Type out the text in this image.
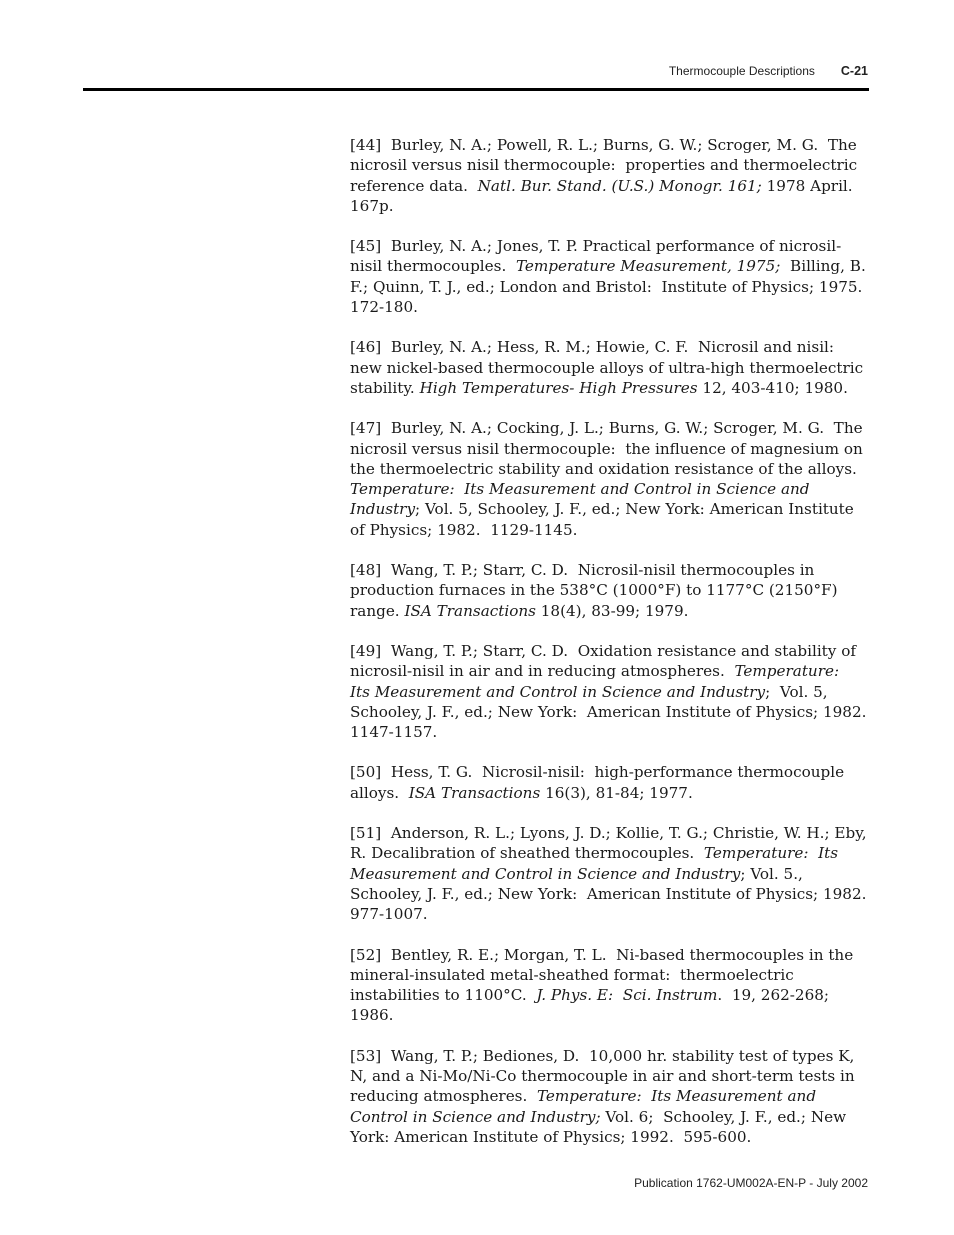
Thermocouple Descriptions C-21

[44] Burley, N. A.; Powell, R. L.; Burns, G. W.; Scroger, M. G.  The nicrosil versus nisil thermocouple:  properties and thermoelectric reference data.  Natl. Bur. Stand. (U.S.) Monogr. 161; 1978 April. 167p.

[45] Burley, N. A.; Jones, T. P. Practical performance of nicrosil-nisil thermocouples.  Temperature Measurement, 1975;  Billing, B. F.; Quinn, T. J., ed.; London and Bristol:  Institute of Physics; 1975. 172-180.

[46] Burley, N. A.; Hess, R. M.; Howie, C. F.  Nicrosil and nisil:  new nickel-based thermocouple alloys of ultra-high thermoelectric stability. High Temperatures- High Pressures 12, 403-410; 1980.

[47] Burley, N. A.; Cocking, J. L.; Burns, G. W.; Scroger, M. G.  The nicrosil versus nisil thermocouple:  the influence of magnesium on the thermoelectric stability and oxidation resistance of the alloys. Temperature:  Its Measurement and Control in Science and Industry; Vol. 5, Schooley, J. F., ed.; New York: American Institute of Physics; 1982.  1129-1145.

[48] Wang, T. P.; Starr, C. D.  Nicrosil-nisil thermocouples in production furnaces in the 538°C (1000°F) to 1177°C (2150°F) range. ISA Transactions 18(4), 83-99; 1979.

[49] Wang, T. P.; Starr, C. D.  Oxidation resistance and stability of nicrosil-nisil in air and in reducing atmospheres.  Temperature:  Its Measurement and Control in Science and Industry;  Vol. 5, Schooley, J. F., ed.; New York:  American Institute of Physics; 1982.  1147-1157.

[50] Hess, T. G.  Nicrosil-nisil:  high-performance thermocouple alloys.  ISA Transactions 16(3), 81-84; 1977.

[51] Anderson, R. L.; Lyons, J. D.; Kollie, T. G.; Christie, W. H.; Eby, R. Decalibration of sheathed thermocouples.  Temperature:  Its Measurement and Control in Science and Industry; Vol. 5., Schooley, J. F., ed.; New York:  American Institute of Physics; 1982.  977-1007.

[52] Bentley, R. E.; Morgan, T. L.  Ni-based thermocouples in the mineral-insulated metal-sheathed format:  thermoelectric instabilities to 1100°C.  J. Phys. E:  Sci. Instrum.  19, 262-268; 1986.

[53] Wang, T. P.; Bediones, D.  10,000 hr. stability test of types K, N, and a Ni-Mo/Ni-Co thermocouple in air and short-term tests in reducing atmospheres.  Temperature:  Its Measurement and Control in Science and Industry; Vol. 6;  Schooley, J. F., ed.; New York: American Institute of Physics; 1992.  595-600.

Publication 1762-UM002A-EN-P - July 2002
